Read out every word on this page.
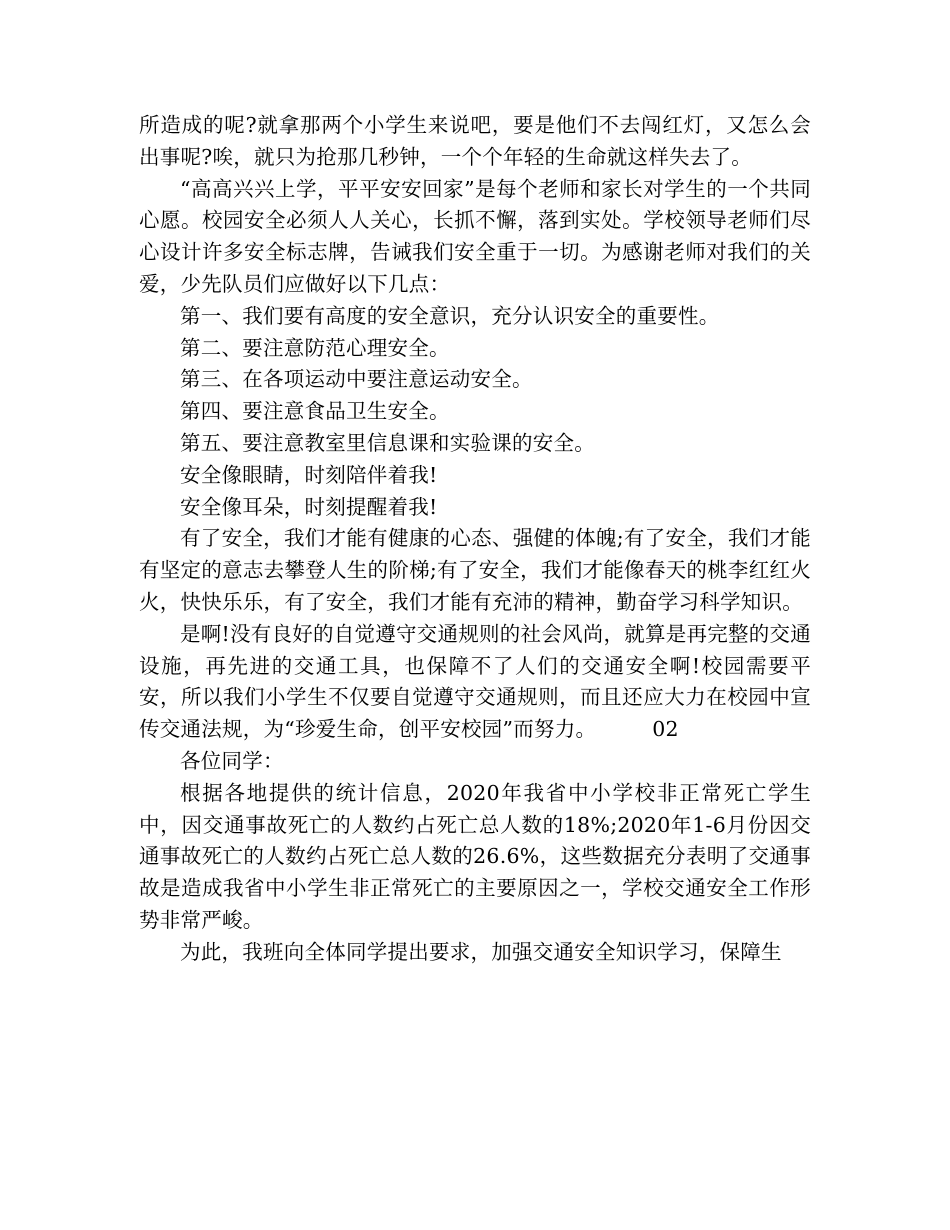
所造成的呢?就拿那两个小学生来说吧，要是他们不去闯红灯，又怎么会出事呢?唉，就只为抢那几秒钟，一个个年轻的生命就这样失去了。

“高高兴兴上学，平平安安回家”是每个老师和家长对学生的一个共同心愿。校园安全必须人人关心，长抓不懈，落到实处。学校领导老师们尽心设计许多安全标志牌，告诫我们安全重于一切。为感谢老师对我们的关爱，少先队员们应做好以下几点：

第一、我们要有高度的安全意识，充分认识安全的重要性。

第二、要注意防范心理安全。

第三、在各项运动中要注意运动安全。

第四、要注意食品卫生安全。

第五、要注意教室里信息课和实验课的安全。

安全像眼睛，时刻陪伴着我!

安全像耳朵，时刻提醒着我!

有了安全，我们才能有健康的心态、强健的体魄;有了安全，我们才能有坚定的意志去攀登人生的阶梯;有了安全，我们才能像春天的桃李红红火火，快快乐乐，有了安全，我们才能有充沛的精神，勤奋学习科学知识。

是啊!没有良好的自觉遵守交通规则的社会风尚，就算是再完整的交通设施，再先进的交通工具，也保障不了人们的交通安全啊!校园需要平安，所以我们小学生不仅要自觉遵守交通规则，而且还应大力在校园中宣传交通法规，为“珍爱生命，创平安校园”而努力。	02

各位同学：

根据各地提供的统计信息，2020年我省中小学校非正常死亡学生中，因交通事故死亡的人数约占死亡总人数的18%;2020年1-6月份因交通事故死亡的人数约占死亡总人数的26.6%，这些数据充分表明了交通事故是造成我省中小学生非正常死亡的主要原因之一，学校交通安全工作形势非常严峻。

为此，我班向全体同学提出要求，加强交通安全知识学习，保障生
